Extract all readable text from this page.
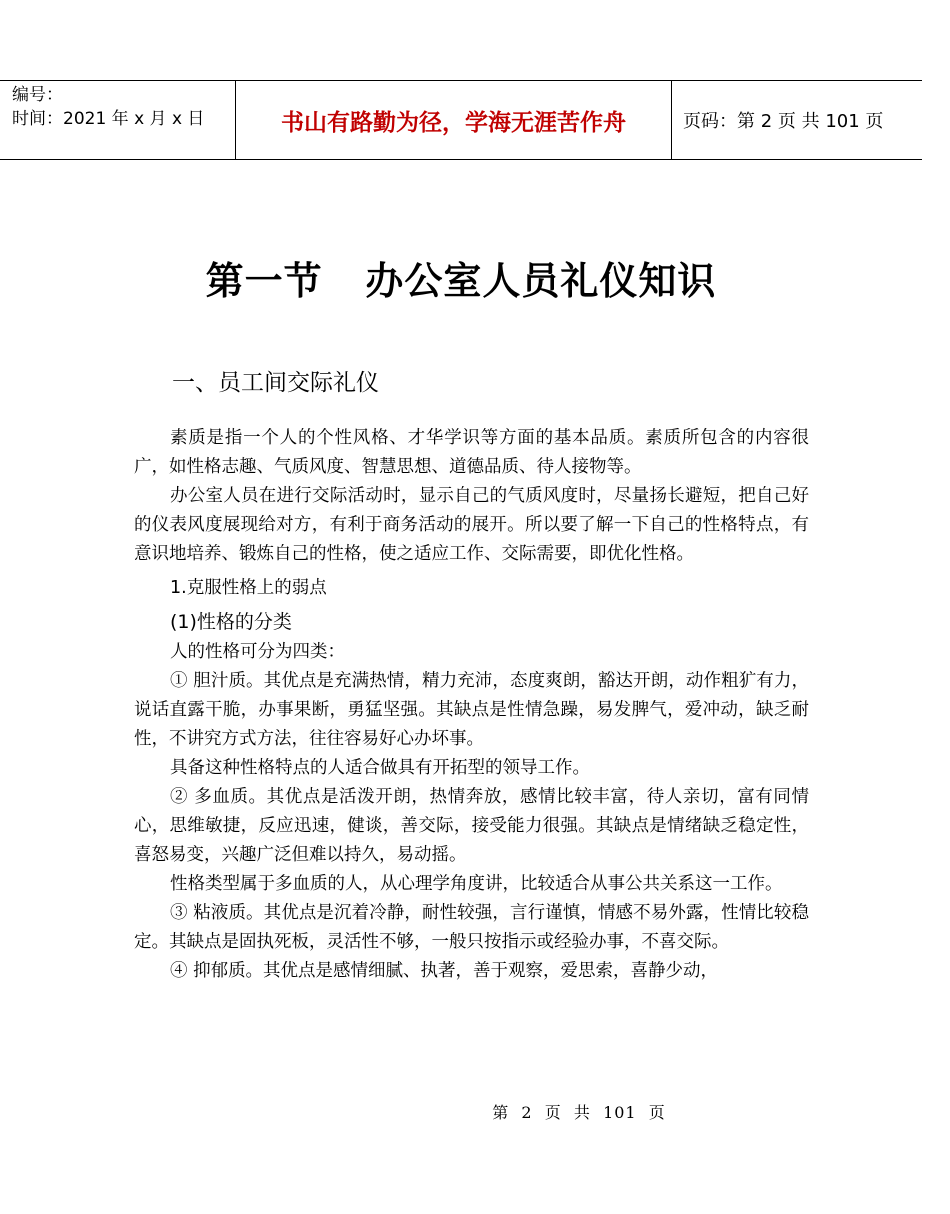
编号：
时间：2021 年 x 月 x 日	书山有路勤为径，学海无涯苦作舟	页码：第 2 页 共 101 页
第一节   办公室人员礼仪知识
一、员工间交际礼仪

素质是指一个人的个性风格、才华学识等方面的基本品质。素质所包含的内容很广，如性格志趣、气质风度、智慧思想、道德品质、待人接物等。

办公室人员在进行交际活动时，显示自己的气质风度时，尽量扬长避短，把自己好的仪表风度展现给对方，有利于商务活动的展开。所以要了解一下自己的性格特点，有意识地培养、锻炼自己的性格，使之适应工作、交际需要，即优化性格。

1.克服性格上的弱点

(1)性格的分类

人的性格可分为四类：

① 胆汁质。其优点是充满热情，精力充沛，态度爽朗，豁达开朗，动作粗犷有力，说话直露干脆，办事果断，勇猛坚强。其缺点是性情急躁，易发脾气，爱冲动，缺乏耐性，不讲究方式方法，往往容易好心办坏事。

具备这种性格特点的人适合做具有开拓型的领导工作。

② 多血质。其优点是活泼开朗，热情奔放，感情比较丰富，待人亲切，富有同情心，思维敏捷，反应迅速，健谈，善交际，接受能力很强。其缺点是情绪缺乏稳定性，喜怒易变，兴趣广泛但难以持久，易动摇。

性格类型属于多血质的人，从心理学角度讲，比较适合从事公共关系这一工作。

③ 粘液质。其优点是沉着冷静，耐性较强，言行谨慎，情感不易外露，性情比较稳定。其缺点是固执死板，灵活性不够，一般只按指示或经验办事，不喜交际。

④ 抑郁质。其优点是感情细腻、执著，善于观察，爱思索，喜静少动，

第  2  页  共  101  页
